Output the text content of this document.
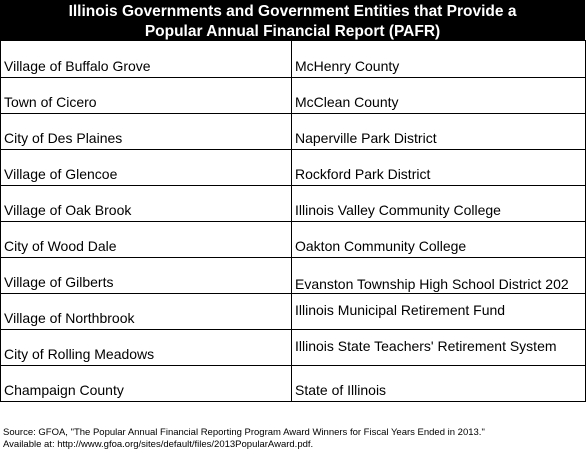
Illinois Governments and Government Entities that Provide a
Popular Annual Financial Report (PAFR)
Village of Buffalo Grove	McHenry County
Town of Cicero	McClean County
City of Des Plaines	Naperville Park District
Village of Glencoe	Rockford Park District
Village of Oak Brook	Illinois Valley Community College
City of Wood Dale	Oakton Community College
Village of Gilberts	Evanston Township High School District 202
Village of Northbrook	Illinois Municipal Retirement Fund
City of Rolling Meadows	Illinois State Teachers' Retirement System
Champaign County	State of Illinois
Source: GFOA, "The Popular Annual Financial Reporting Program Award Winners for Fiscal Years Ended in 2013."
Available at: http://www.gfoa.org/sites/default/files/2013PopularAward.pdf.
